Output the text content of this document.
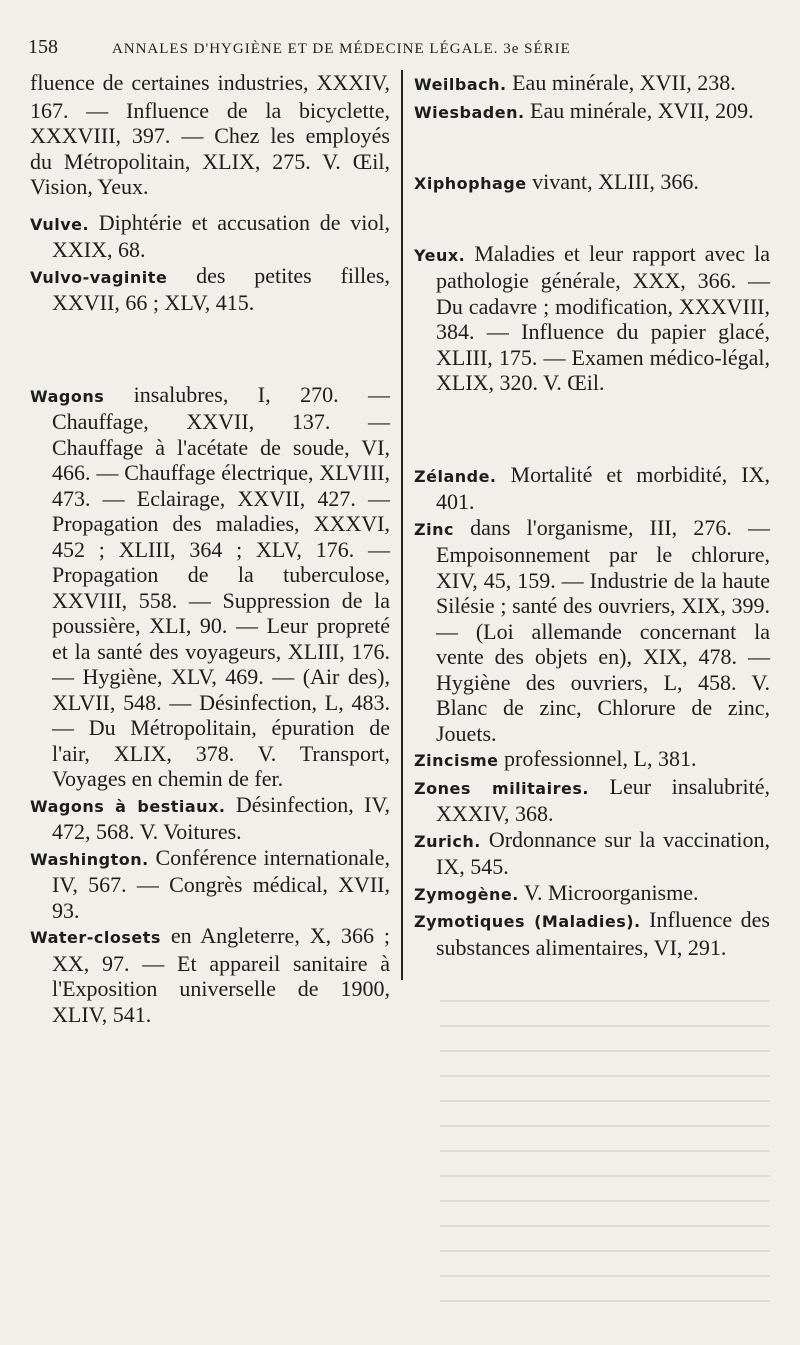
158	ANNALES D'HYGIÈNE ET DE MÉDECINE LÉGALE. 3e SÉRIE
fluence de certaines industries, XXXIV, 167. — Influence de la bicyclette, XXXVIII, 397. — Chez les employés du Métropolitain, XLIX, 275. V. Œil, Vision, Yeux.
Vulve. Diphtérie et accusation de viol, XXIX, 68.
Vulvo-vaginite des petites filles, XXVII, 66 ; XLV, 415.
Wagons insalubres, I, 270. — Chauffage, XXVII, 137. — Chauffage à l'acétate de soude, VI, 466. — Chauffage électrique, XLVIII, 473. — Eclairage, XXVII, 427. — Propagation des maladies, XXXVI, 452 ; XLIII, 364 ; XLV, 176. — Propagation de la tuberculose, XXVIII, 558. — Suppression de la poussière, XLI, 90. — Leur propreté et la santé des voyageurs, XLIII, 176. — Hygiène, XLV, 469. — (Air des), XLVII, 548. — Désinfection, L, 483. — Du Métropolitain, épuration de l'air, XLIX, 378. V. Transport, Voyages en chemin de fer.
Wagons à bestiaux. Désinfection, IV, 472, 568. V. Voitures.
Washington. Conférence internationale, IV, 567. — Congrès médical, XVII, 93.
Water-closets en Angleterre, X, 366 ; XX, 97. — Et appareil sanitaire à l'Exposition universelle de 1900, XLIV, 541.
Weilbach. Eau minérale, XVII, 238.
Wiesbaden. Eau minérale, XVII, 209.
Xiphophage vivant, XLIII, 366.
Yeux. Maladies et leur rapport avec la pathologie générale, XXX, 366. — Du cadavre ; modification, XXXVIII, 384. — Influence du papier glacé, XLIII, 175. — Examen médico-légal, XLIX, 320. V. Œil.
Zélande. Mortalité et morbidité, IX, 401.
Zinc dans l'organisme, III, 276. — Empoisonnement par le chlorure, XIV, 45, 159. — Industrie de la haute Silésie ; santé des ouvriers, XIX, 399. — (Loi allemande concernant la vente des objets en), XIX, 478. — Hygiène des ouvriers, L, 458. V. Blanc de zinc, Chlorure de zinc, Jouets.
Zincisme professionnel, L, 381.
Zones militaires. Leur insalubrité, XXXIV, 368.
Zurich. Ordonnance sur la vaccination, IX, 545.
Zymogène. V. Microorganisme.
Zymotiques (Maladies). Influence des substances alimentaires, VI, 291.
